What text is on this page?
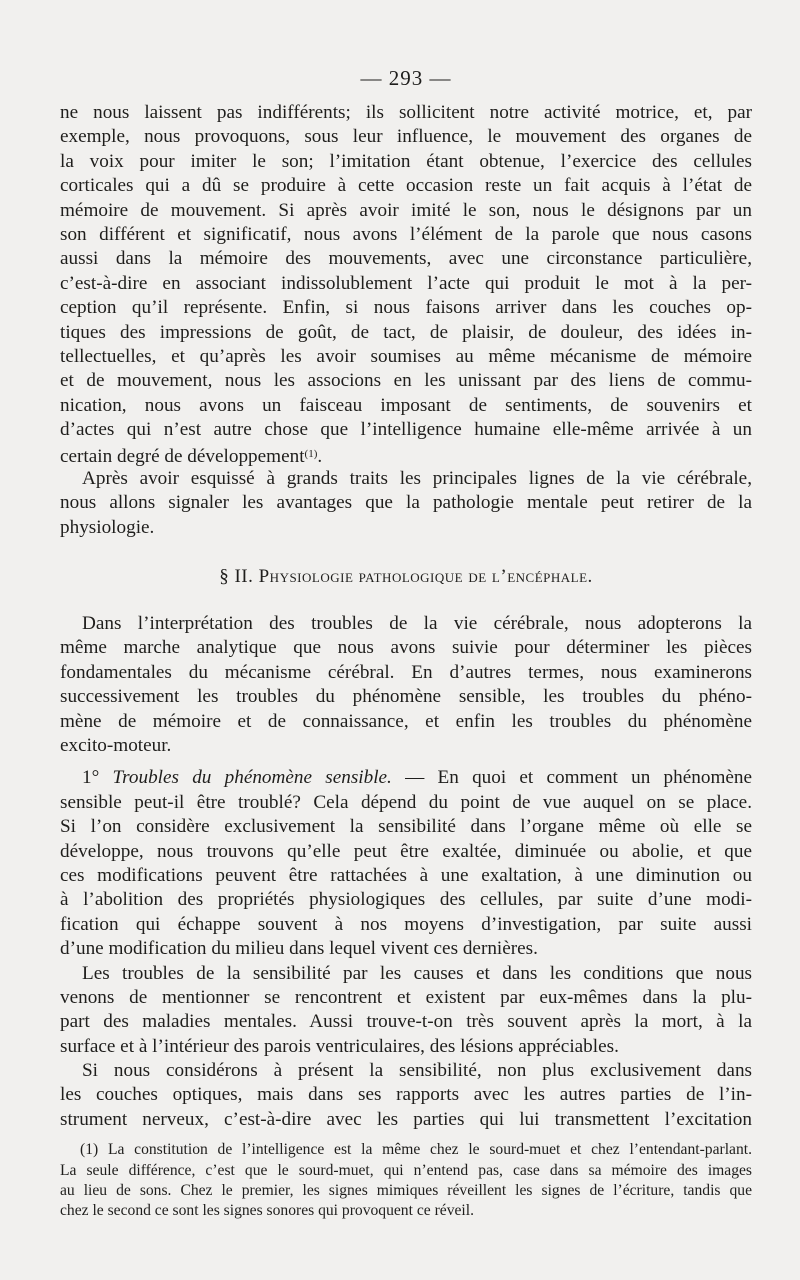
— 293 —
ne nous laissent pas indifférents; ils sollicitent notre activité motrice, et, par
exemple, nous provoquons, sous leur influence, le mouvement des organes de
la voix pour imiter le son; l’imitation étant obtenue, l’exercice des cellules
corticales qui a dû se produire à cette occasion reste un fait acquis à l’état de
mémoire de mouvement. Si après avoir imité le son, nous le désignons par un
son différent et significatif, nous avons l’élément de la parole que nous casons
aussi dans la mémoire des mouvements, avec une circonstance particulière,
c’est-à-dire en associant indissolublement l’acte qui produit le mot à la per-
ception qu’il représente. Enfin, si nous faisons arriver dans les couches op-
tiques des impressions de goût, de tact, de plaisir, de douleur, des idées in-
tellectuelles, et qu’après les avoir soumises au même mécanisme de mémoire
et de mouvement, nous les associons en les unissant par des liens de commu-
nication, nous avons un faisceau imposant de sentiments, de souvenirs et
d’actes qui n’est autre chose que l’intelligence humaine elle-même arrivée à un
certain degré de développement$^{(1)}$.
Après avoir esquissé à grands traits les principales lignes de la vie cérébrale,
nous allons signaler les avantages que la pathologie mentale peut retirer de la
physiologie.
§ II. Physiologie pathologique de l’encéphale.
Dans l’interprétation des troubles de la vie cérébrale, nous adopterons la
même marche analytique que nous avons suivie pour déterminer les pièces
fondamentales du mécanisme cérébral. En d’autres termes, nous examinerons
successivement les troubles du phénomène sensible, les troubles du phéno-
mène de mémoire et de connaissance, et enfin les troubles du phénomène
excito-moteur.
1° Troubles du phénomène sensible. — En quoi et comment un phénomène
sensible peut-il être troublé? Cela dépend du point de vue auquel on se place.
Si l’on considère exclusivement la sensibilité dans l’organe même où elle se
développe, nous trouvons qu’elle peut être exaltée, diminuée ou abolie, et que
ces modifications peuvent être rattachées à une exaltation, à une diminution ou
à l’abolition des propriétés physiologiques des cellules, par suite d’une modi-
fication qui échappe souvent à nos moyens d’investigation, par suite aussi
d’une modification du milieu dans lequel vivent ces dernières.
Les troubles de la sensibilité par les causes et dans les conditions que nous
venons de mentionner se rencontrent et existent par eux-mêmes dans la plu-
part des maladies mentales. Aussi trouve-t-on très souvent après la mort, à la
surface et à l’intérieur des parois ventriculaires, des lésions appréciables.
Si nous considérons à présent la sensibilité, non plus exclusivement dans
les couches optiques, mais dans ses rapports avec les autres parties de l’in-
strument nerveux, c’est-à-dire avec les parties qui lui transmettent l’excitation
(1) La constitution de l’intelligence est la même chez le sourd-muet et chez l’entendant-parlant.
La seule différence, c’est que le sourd-muet, qui n’entend pas, case dans sa mémoire des images
au lieu de sons. Chez le premier, les signes mimiques réveillent les signes de l’écriture, tandis que
chez le second ce sont les signes sonores qui provoquent ce réveil.
